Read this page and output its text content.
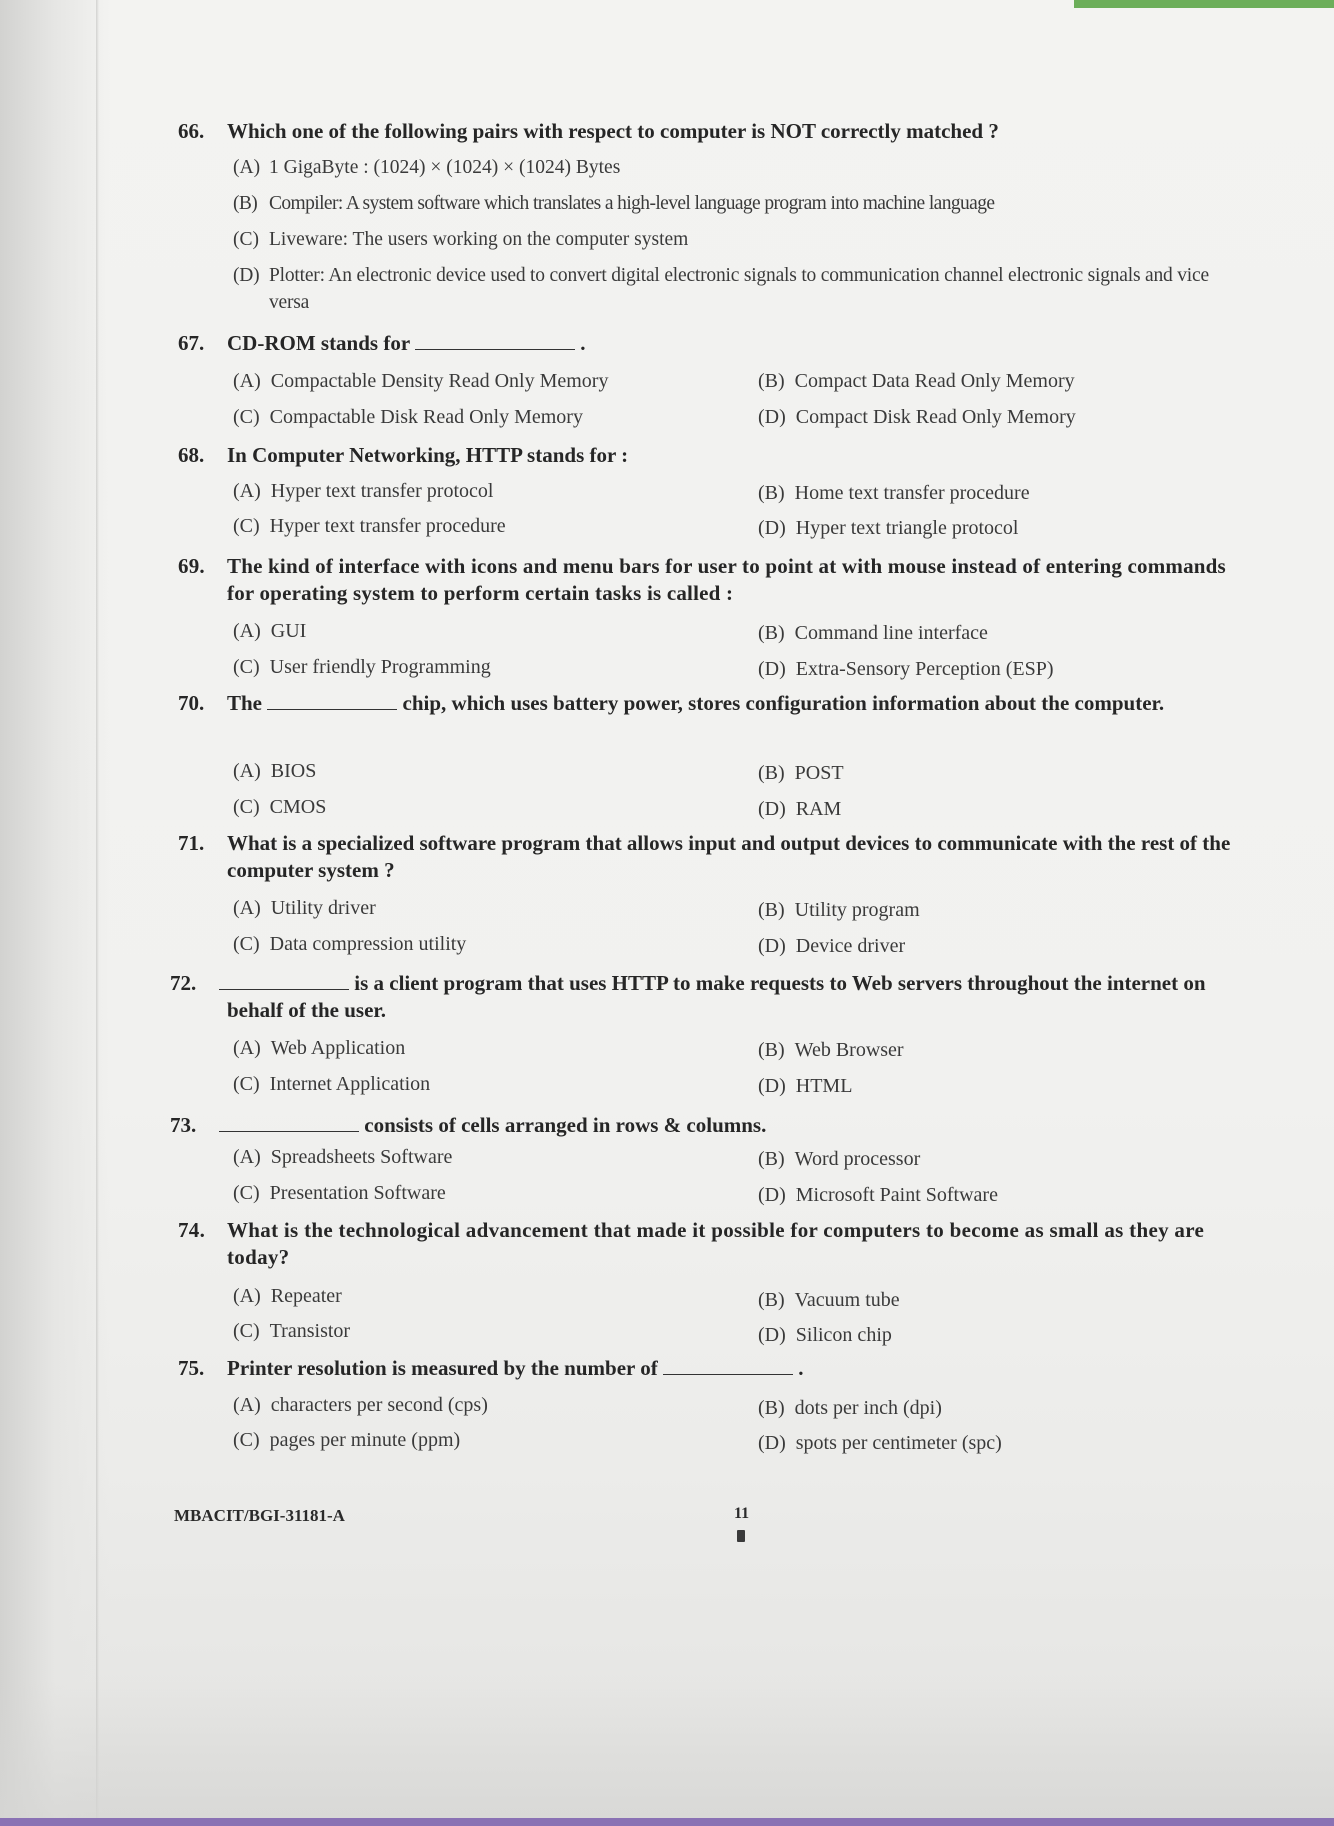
66. Which one of the following pairs with respect to computer is NOT correctly matched ?
(A) 1 GigaByte : (1024) × (1024) × (1024) Bytes
(B) Compiler: A system software which translates a high-level language program into machine language
(C) Liveware: The users working on the computer system
(D) Plotter: An electronic device used to convert digital electronic signals to communication channel electronic signals and vice versa
67. CD-ROM stands for	.
(A) Compactable Density Read Only Memory	(B) Compact Data Read Only Memory
(C) Compactable Disk Read Only Memory	(D) Compact Disk Read Only Memory
68. In Computer Networking, HTTP stands for :
(A) Hyper text transfer protocol	(B) Home text transfer procedure
(C) Hyper text transfer procedure	(D) Hyper text triangle protocol
69. The kind of interface with icons and menu bars for user to point at with mouse instead of entering commands for operating system to perform certain tasks is called :
(A) GUI	(B) Command line interface
(C) User friendly Programming	(D) Extra-Sensory Perception (ESP)
70. The	chip, which uses battery power, stores configuration information about the computer.
(A) BIOS	(B) POST
(C) CMOS	(D) RAM
71. What is a specialized software program that allows input and output devices to communicate with the rest of the computer system ?
(A) Utility driver	(B) Utility program
(C) Data compression utility	(D) Device driver
72.	is a client program that uses HTTP to make requests to Web servers throughout the internet on behalf of the user.
(A) Web Application	(B) Web Browser
(C) Internet Application	(D) HTML
73.	consists of cells arranged in rows & columns.
(A) Spreadsheets Software	(B) Word processor
(C) Presentation Software	(D) Microsoft Paint Software
74. What is the technological advancement that made it possible for computers to become as small as they are today?
(A) Repeater	(B) Vacuum tube
(C) Transistor	(D) Silicon chip
75. Printer resolution is measured by the number of	.
(A) characters per second (cps)	(B) dots per inch (dpi)
(C) pages per minute (ppm)	(D) spots per centimeter (spc)
MBACIT/BGI-31181-A	11
